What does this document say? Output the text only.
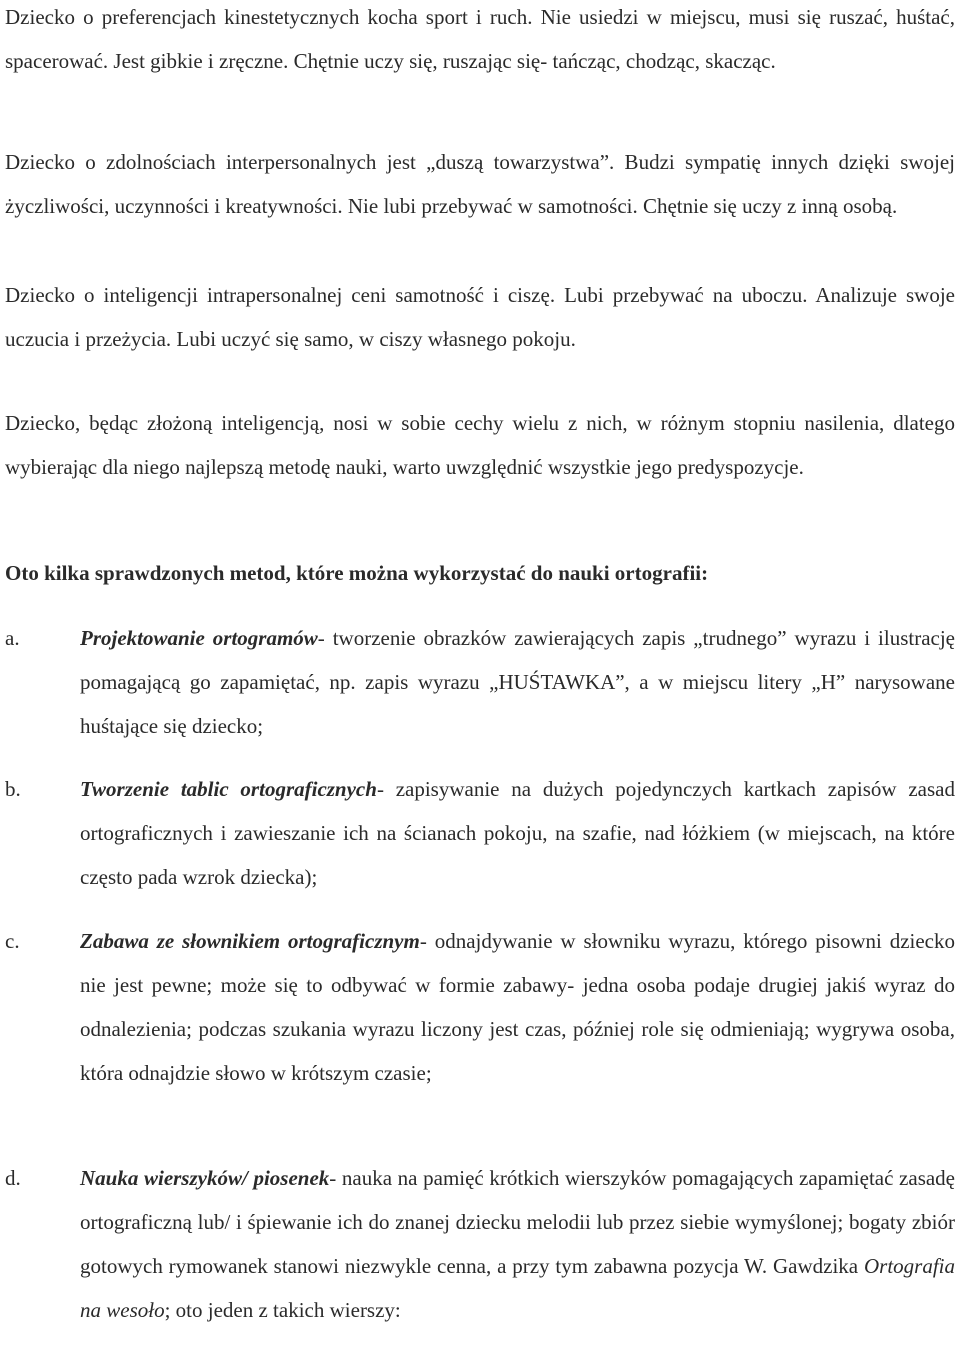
Dziecko o preferencjach kinestetycznych kocha sport i ruch. Nie usiedzi w miejscu, musi się ruszać, huśtać, spacerować. Jest gibkie i zręczne. Chętnie uczy się, ruszając się- tańcząc, chodząc, skacząc.

Dziecko o zdolnościach interpersonalnych jest „duszą towarzystwa”. Budzi sympatię innych dzięki swojej życzliwości, uczynności i kreatywności. Nie lubi przebywać w samotności. Chętnie się uczy z inną osobą.

Dziecko o inteligencji intrapersonalnej ceni samotność i ciszę. Lubi przebywać na uboczu. Analizuje swoje uczucia i przeżycia. Lubi uczyć się samo, w ciszy własnego pokoju.

Dziecko, będąc złożoną inteligencją, nosi w sobie cechy wielu z nich, w różnym stopniu nasilenia, dlatego wybierając dla niego najlepszą metodę nauki, warto uwzględnić wszystkie jego predyspozycje.

Oto kilka sprawdzonych metod, które można wykorzystać do nauki ortografii:

a.	Projektowanie ortogramów- tworzenie obrazków zawierających zapis „trudnego” wyrazu i ilustrację pomagającą go zapamiętać, np. zapis wyrazu „HUŚTAWKA”, a w miejscu litery „H” narysowane huśtające się dziecko;
b.	Tworzenie tablic ortograficznych- zapisywanie na dużych pojedynczych kartkach zapisów zasad ortograficznych i zawieszanie ich na ścianach pokoju, na szafie, nad łóżkiem (w miejscach, na które często pada wzrok dziecka);
c.	Zabawa ze słownikiem ortograficznym- odnajdywanie w słowniku wyrazu, którego pisowni dziecko nie jest pewne; może się to odbywać w formie zabawy- jedna osoba podaje drugiej jakiś wyraz do odnalezienia; podczas szukania wyrazu liczony jest czas, później role się odmieniają; wygrywa osoba, która odnajdzie słowo w krótszym czasie;
d.	Nauka wierszyków/ piosenek- nauka na pamięć krótkich wierszyków pomagających zapamiętać zasadę ortograficzną lub/ i śpiewanie ich do znanej dziecku melodii lub przez siebie wymyślonej; bogaty zbiór gotowych rymowanek stanowi niezwykle cenna, a przy tym zabawna pozycja W. Gawdzika Ortografia na wesoło; oto jeden z takich wierszy:
